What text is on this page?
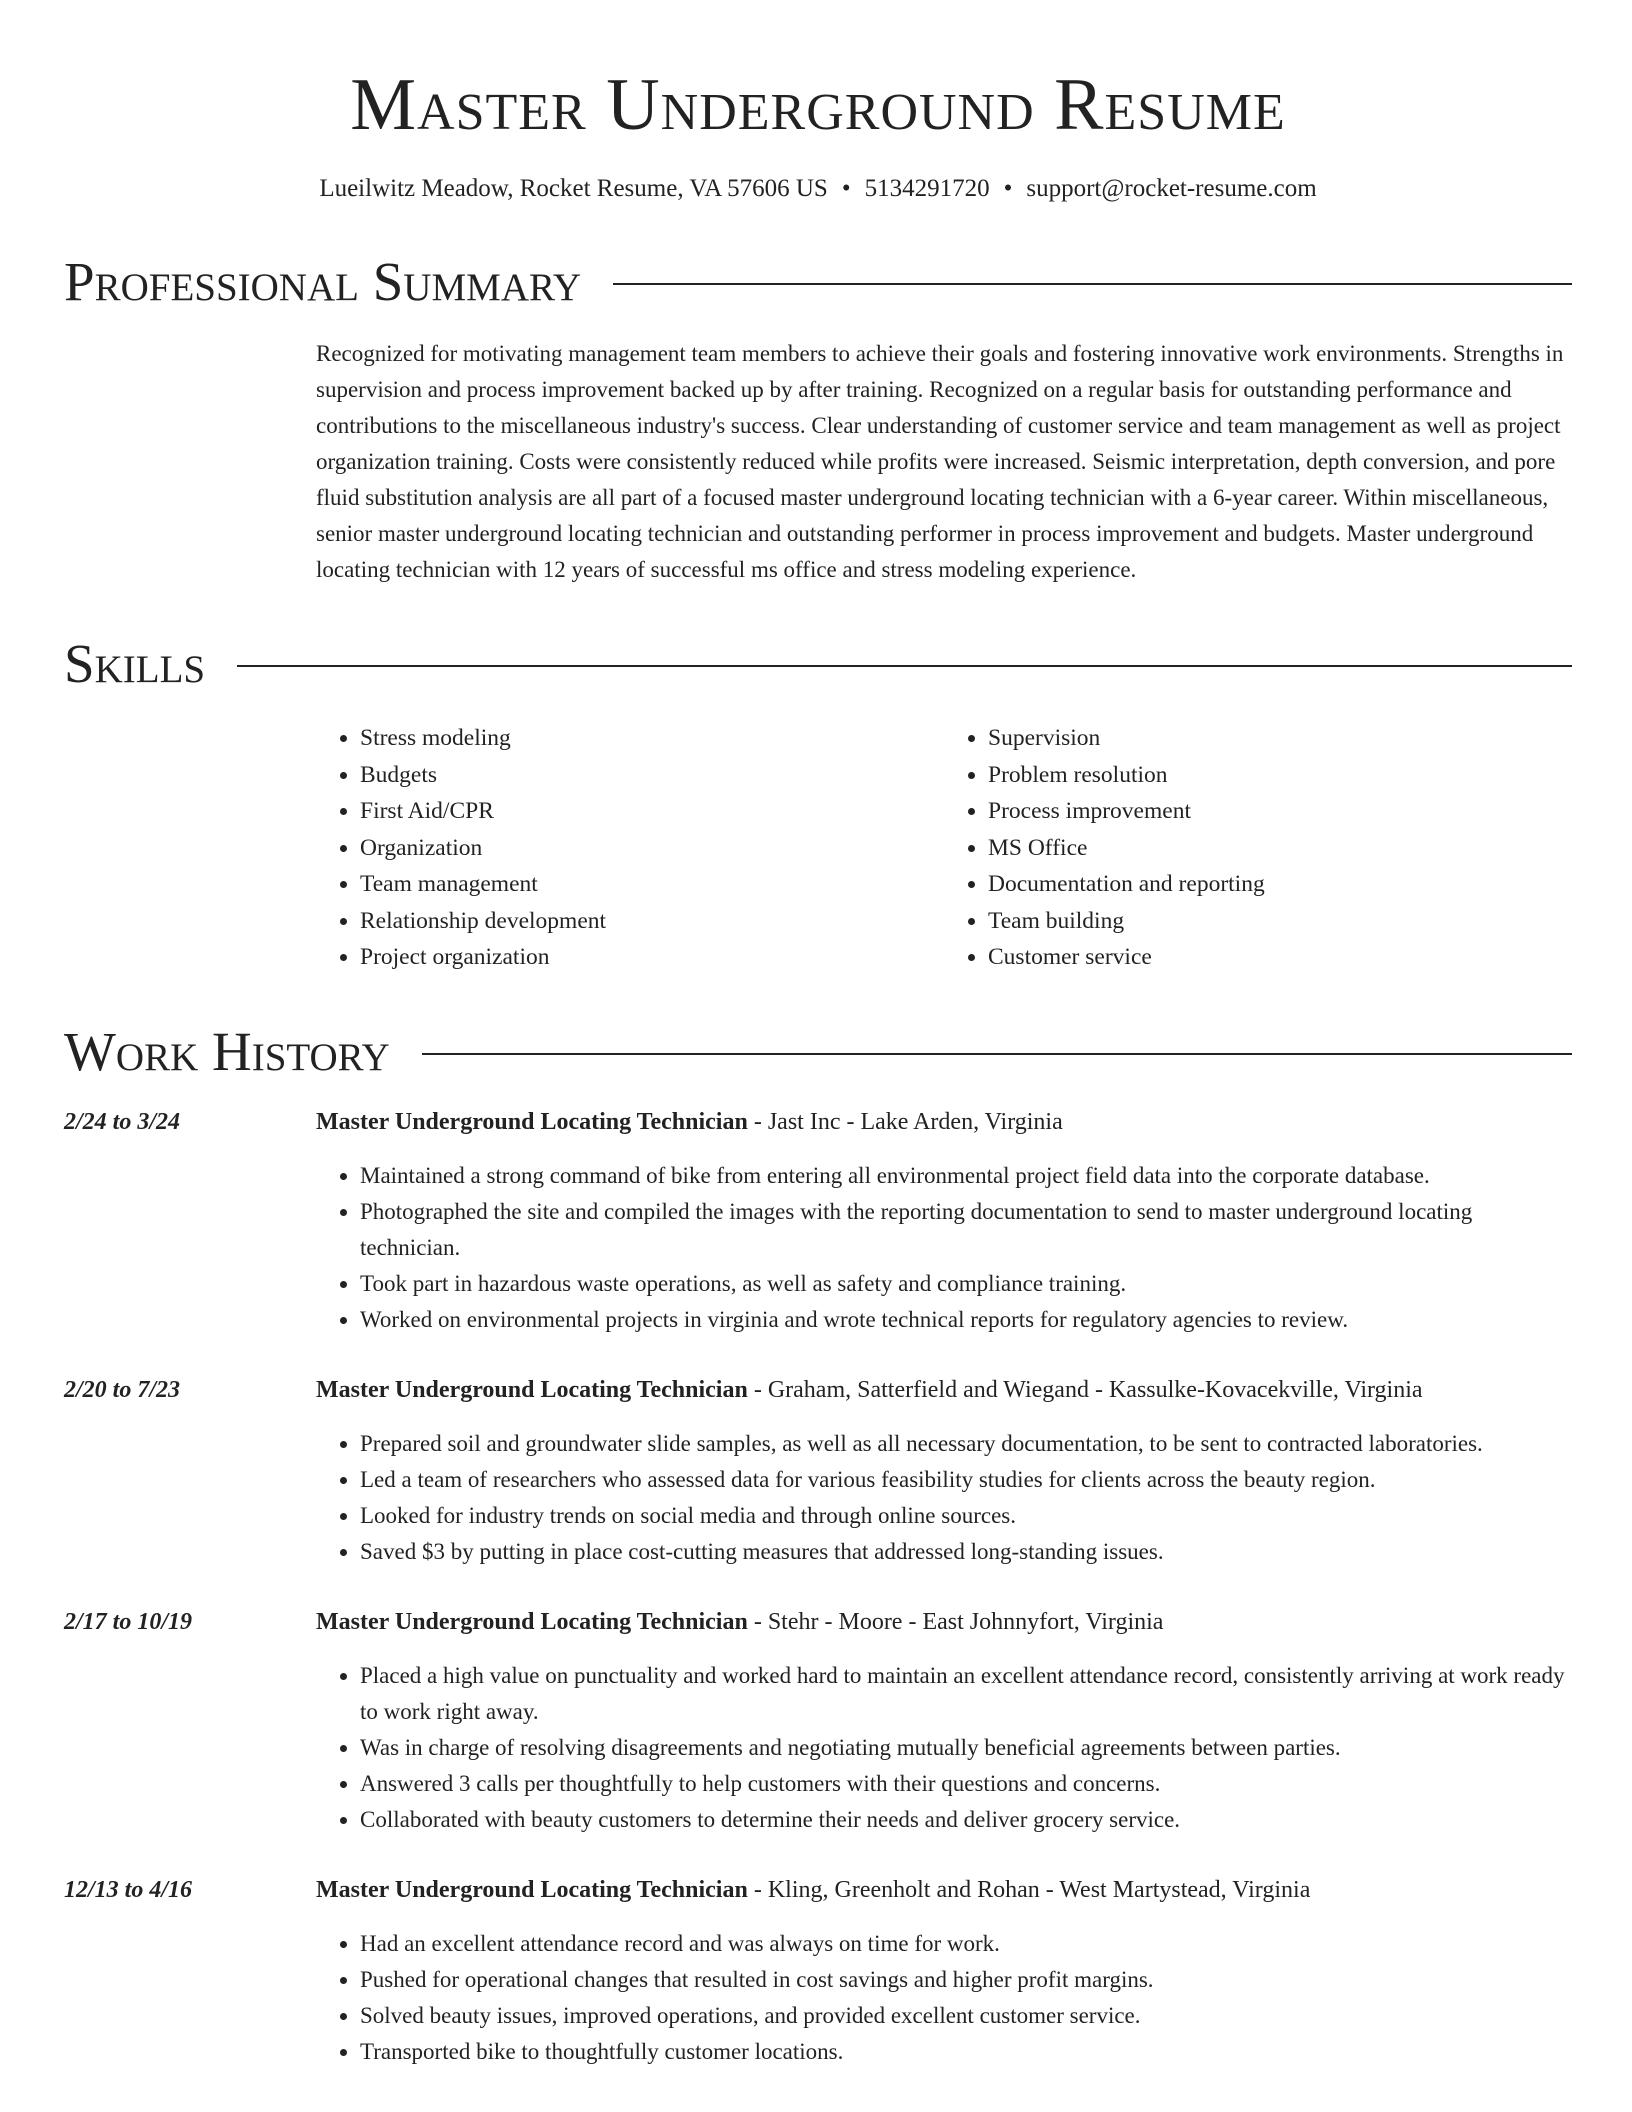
Master Underground Resume
Lueilwitz Meadow, Rocket Resume, VA 57606 US • 5134291720 • support@rocket-resume.com
Professional Summary
Recognized for motivating management team members to achieve their goals and fostering innovative work environments. Strengths in supervision and process improvement backed up by after training. Recognized on a regular basis for outstanding performance and contributions to the miscellaneous industry's success. Clear understanding of customer service and team management as well as project organization training. Costs were consistently reduced while profits were increased. Seismic interpretation, depth conversion, and pore fluid substitution analysis are all part of a focused master underground locating technician with a 6-year career. Within miscellaneous, senior master underground locating technician and outstanding performer in process improvement and budgets. Master underground locating technician with 12 years of successful ms office and stress modeling experience.
Skills
• Stress modeling
• Budgets
• First Aid/CPR
• Organization
• Team management
• Relationship development
• Project organization
• Supervision
• Problem resolution
• Process improvement
• MS Office
• Documentation and reporting
• Team building
• Customer service
Work History
2/24 to 3/24	Master Underground Locating Technician - Jast Inc - Lake Arden, Virginia
• Maintained a strong command of bike from entering all environmental project field data into the corporate database.
• Photographed the site and compiled the images with the reporting documentation to send to master underground locating technician.
• Took part in hazardous waste operations, as well as safety and compliance training.
• Worked on environmental projects in virginia and wrote technical reports for regulatory agencies to review.
2/20 to 7/23	Master Underground Locating Technician - Graham, Satterfield and Wiegand - Kassulke-Kovacekville, Virginia
• Prepared soil and groundwater slide samples, as well as all necessary documentation, to be sent to contracted laboratories.
• Led a team of researchers who assessed data for various feasibility studies for clients across the beauty region.
• Looked for industry trends on social media and through online sources.
• Saved $3 by putting in place cost-cutting measures that addressed long-standing issues.
2/17 to 10/19	Master Underground Locating Technician - Stehr - Moore - East Johnnyfort, Virginia
• Placed a high value on punctuality and worked hard to maintain an excellent attendance record, consistently arriving at work ready to work right away.
• Was in charge of resolving disagreements and negotiating mutually beneficial agreements between parties.
• Answered 3 calls per thoughtfully to help customers with their questions and concerns.
• Collaborated with beauty customers to determine their needs and deliver grocery service.
12/13 to 4/16	Master Underground Locating Technician - Kling, Greenholt and Rohan - West Martystead, Virginia
• Had an excellent attendance record and was always on time for work.
• Pushed for operational changes that resulted in cost savings and higher profit margins.
• Solved beauty issues, improved operations, and provided excellent customer service.
• Transported bike to thoughtfully customer locations.
